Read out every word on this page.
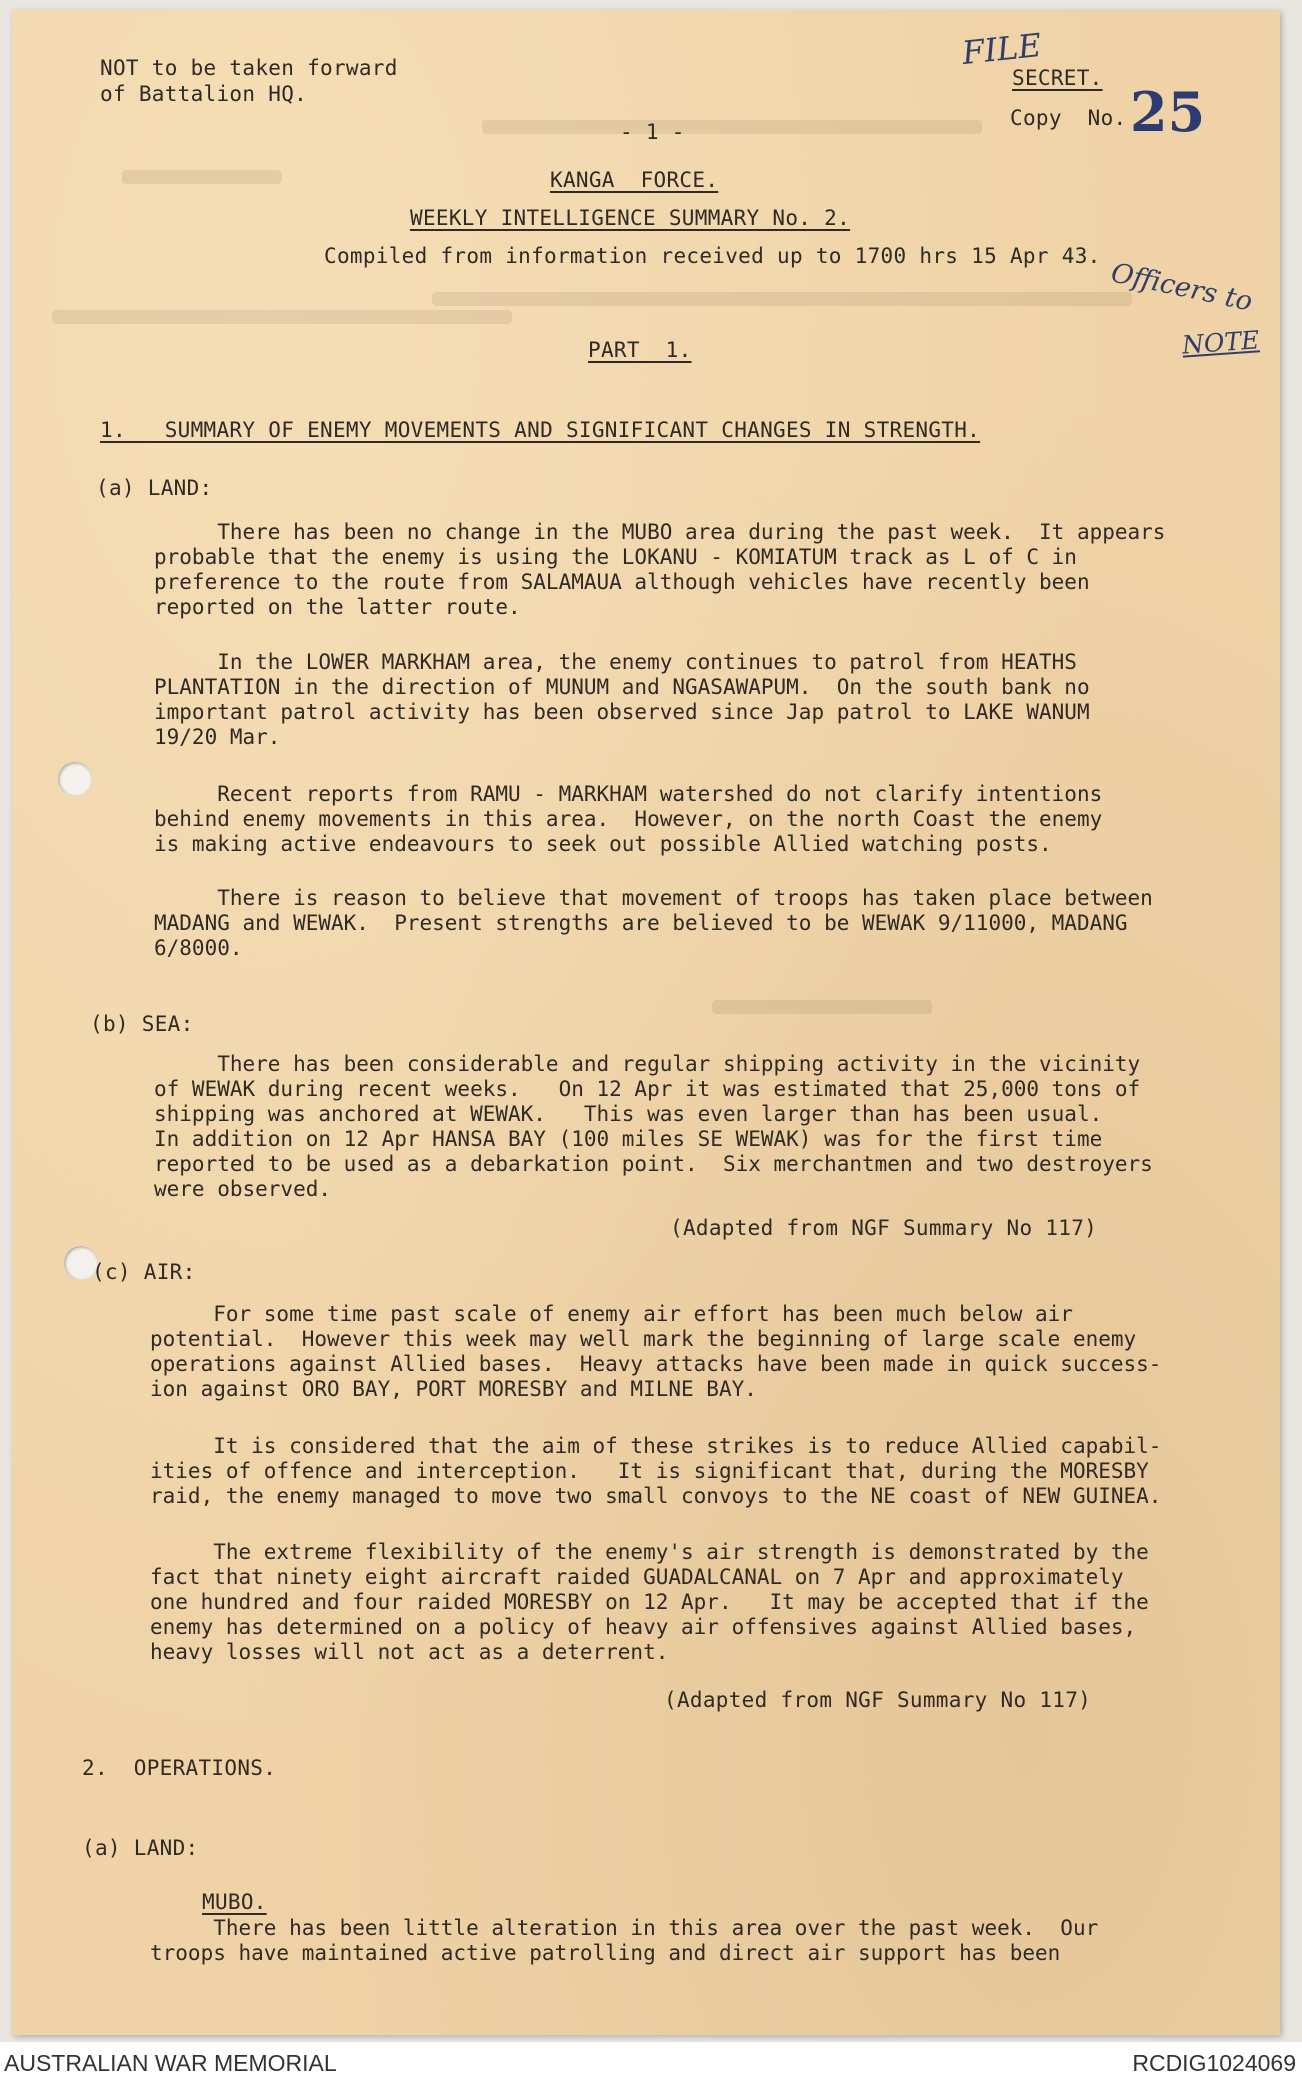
NOT to be taken forward
of Battalion HQ.
FILE
SECRET.
Copy  No. 25
- 1 -
KANGA  FORCE.
WEEKLY INTELLIGENCE SUMMARY No. 2.
Compiled from information received up to 1700 hrs 15 Apr 43.
Officers to
NOTE
PART  1.
1.   SUMMARY OF ENEMY MOVEMENTS AND SIGNIFICANT CHANGES IN STRENGTH.
(a) LAND:
There has been no change in the MUBO area during the past week.  It appears
probable that the enemy is using the LOKANU - KOMIATUM track as L of C in
preference to the route from SALAMAUA although vehicles have recently been
reported on the latter route.
In the LOWER MARKHAM area, the enemy continues to patrol from HEATHS
PLANTATION in the direction of MUNUM and NGASAWAPUM.  On the south bank no
important patrol activity has been observed since Jap patrol to LAKE WANUM
19/20 Mar.
Recent reports from RAMU - MARKHAM watershed do not clarify intentions
behind enemy movements in this area.  However, on the north Coast the enemy
is making active endeavours to seek out possible Allied watching posts.
There is reason to believe that movement of troops has taken place between
MADANG and WEWAK.  Present strengths are believed to be WEWAK 9/11000, MADANG
6/8000.
(b) SEA:
There has been considerable and regular shipping activity in the vicinity
of WEWAK during recent weeks.   On 12 Apr it was estimated that 25,000 tons of
shipping was anchored at WEWAK.   This was even larger than has been usual.
In addition on 12 Apr HANSA BAY (100 miles SE WEWAK) was for the first time
reported to be used as a debarkation point.  Six merchantmen and two destroyers
were observed.
(Adapted from NGF Summary No 117)
(c) AIR:
For some time past scale of enemy air effort has been much below air
potential.  However this week may well mark the beginning of large scale enemy
operations against Allied bases.  Heavy attacks have been made in quick success-
ion against ORO BAY, PORT MORESBY and MILNE BAY.
It is considered that the aim of these strikes is to reduce Allied capabil-
ities of offence and interception.   It is significant that, during the MORESBY
raid, the enemy managed to move two small convoys to the NE coast of NEW GUINEA.
The extreme flexibility of the enemy's air strength is demonstrated by the
fact that ninety eight aircraft raided GUADALCANAL on 7 Apr and approximately
one hundred and four raided MORESBY on 12 Apr.   It may be accepted that if the
enemy has determined on a policy of heavy air offensives against Allied bases,
heavy losses will not act as a deterrent.
(Adapted from NGF Summary No 117)
2.  OPERATIONS.
(a) LAND:
MUBO.
There has been little alteration in this area over the past week.  Our
troops have maintained active patrolling and direct air support has been
AUSTRALIAN WAR MEMORIAL	RCDIG1024069
